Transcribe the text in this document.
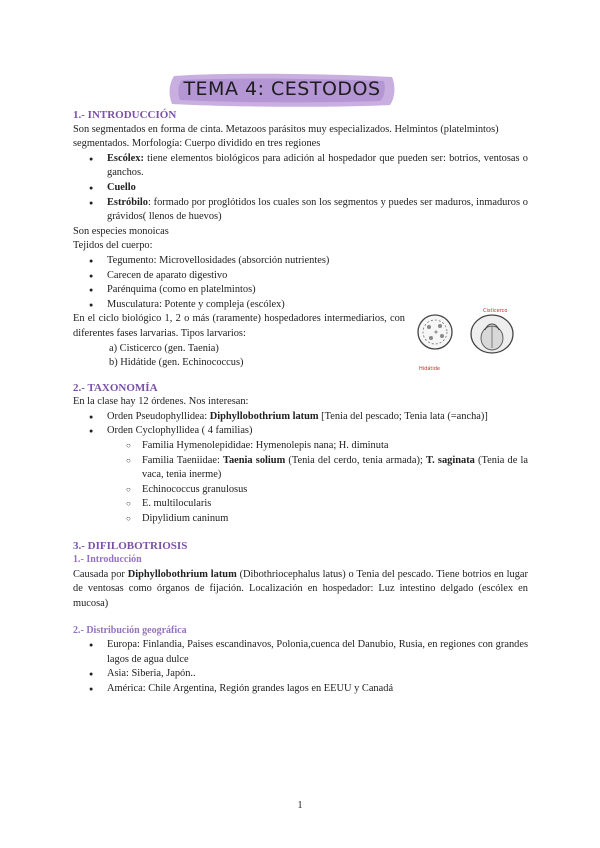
TEMA 4: CESTODOS
1.- INTRODUCCIÓN

Son segmentados en forma de cinta. Metazoos parásitos muy especializados. Helmintos (platelmintos) segmentados. Morfología: Cuerpo dividido en tres regiones

● Escólex: tiene elementos biológicos para adición al hospedador que pueden ser: botrios, ventosas o ganchos.
● Cuello
● Estróbilo: formado por proglótidos los cuales son los segmentos y puedes ser maduros, inmaduros o grávidos( llenos de huevos)

Son especies monoicas

Tejidos del cuerpo:

● Tegumento: Microvellosidades (absorción nutrientes)
● Carecen de aparato digestivo
● Parénquima (como en platelmintos)
● Musculatura: Potente y compleja (escólex)

En el ciclo biológico 1, 2 o más (raramente) hospedadores intermediarios, con diferentes fases larvarias. Tipos larvarios:

a) Cisticerco (gen. Taenia)

b) Hidátide (gen. Echinococcus)

Hidátide
Cisticerco
2.- TAXONOMÍA

En la clase hay 12 órdenes. Nos interesan:

● Orden Pseudophyllidea: Diphyllobothrium latum [Tenia del pescado; Tenia lata (=ancha)]
● Orden Cyclophyllidea ( 4 familias)
○ Familia Hymenolepididae: Hymenolepis nana; H. diminuta
○ Familia Taeniidae: Taenia solium (Tenia del cerdo, tenia armada); T. saginata (Tenia de la vaca, tenia inerme)
○ Echinococcus granulosus
○ E. multilocularis
○ Dipylidium caninum
3.- DIFILOBOTRIOSIS
1.- Introducción

Causada por Diphyllobothrium latum (Dibothriocephalus latus) o Tenia del pescado. Tiene botrios en lugar de ventosas como órganos de fijación. Localización en hospedador: Luz intestino delgado (escólex en mucosa)

2.- Distribución geográfica
● Europa: Finlandia, Paises escandinavos, Polonia,cuenca del Danubio, Rusia, en regiones con grandes lagos de agua dulce
● Asia: Siberia, Japón..
● América: Chile Argentina, Región grandes lagos en EEUU y Canadá
1
